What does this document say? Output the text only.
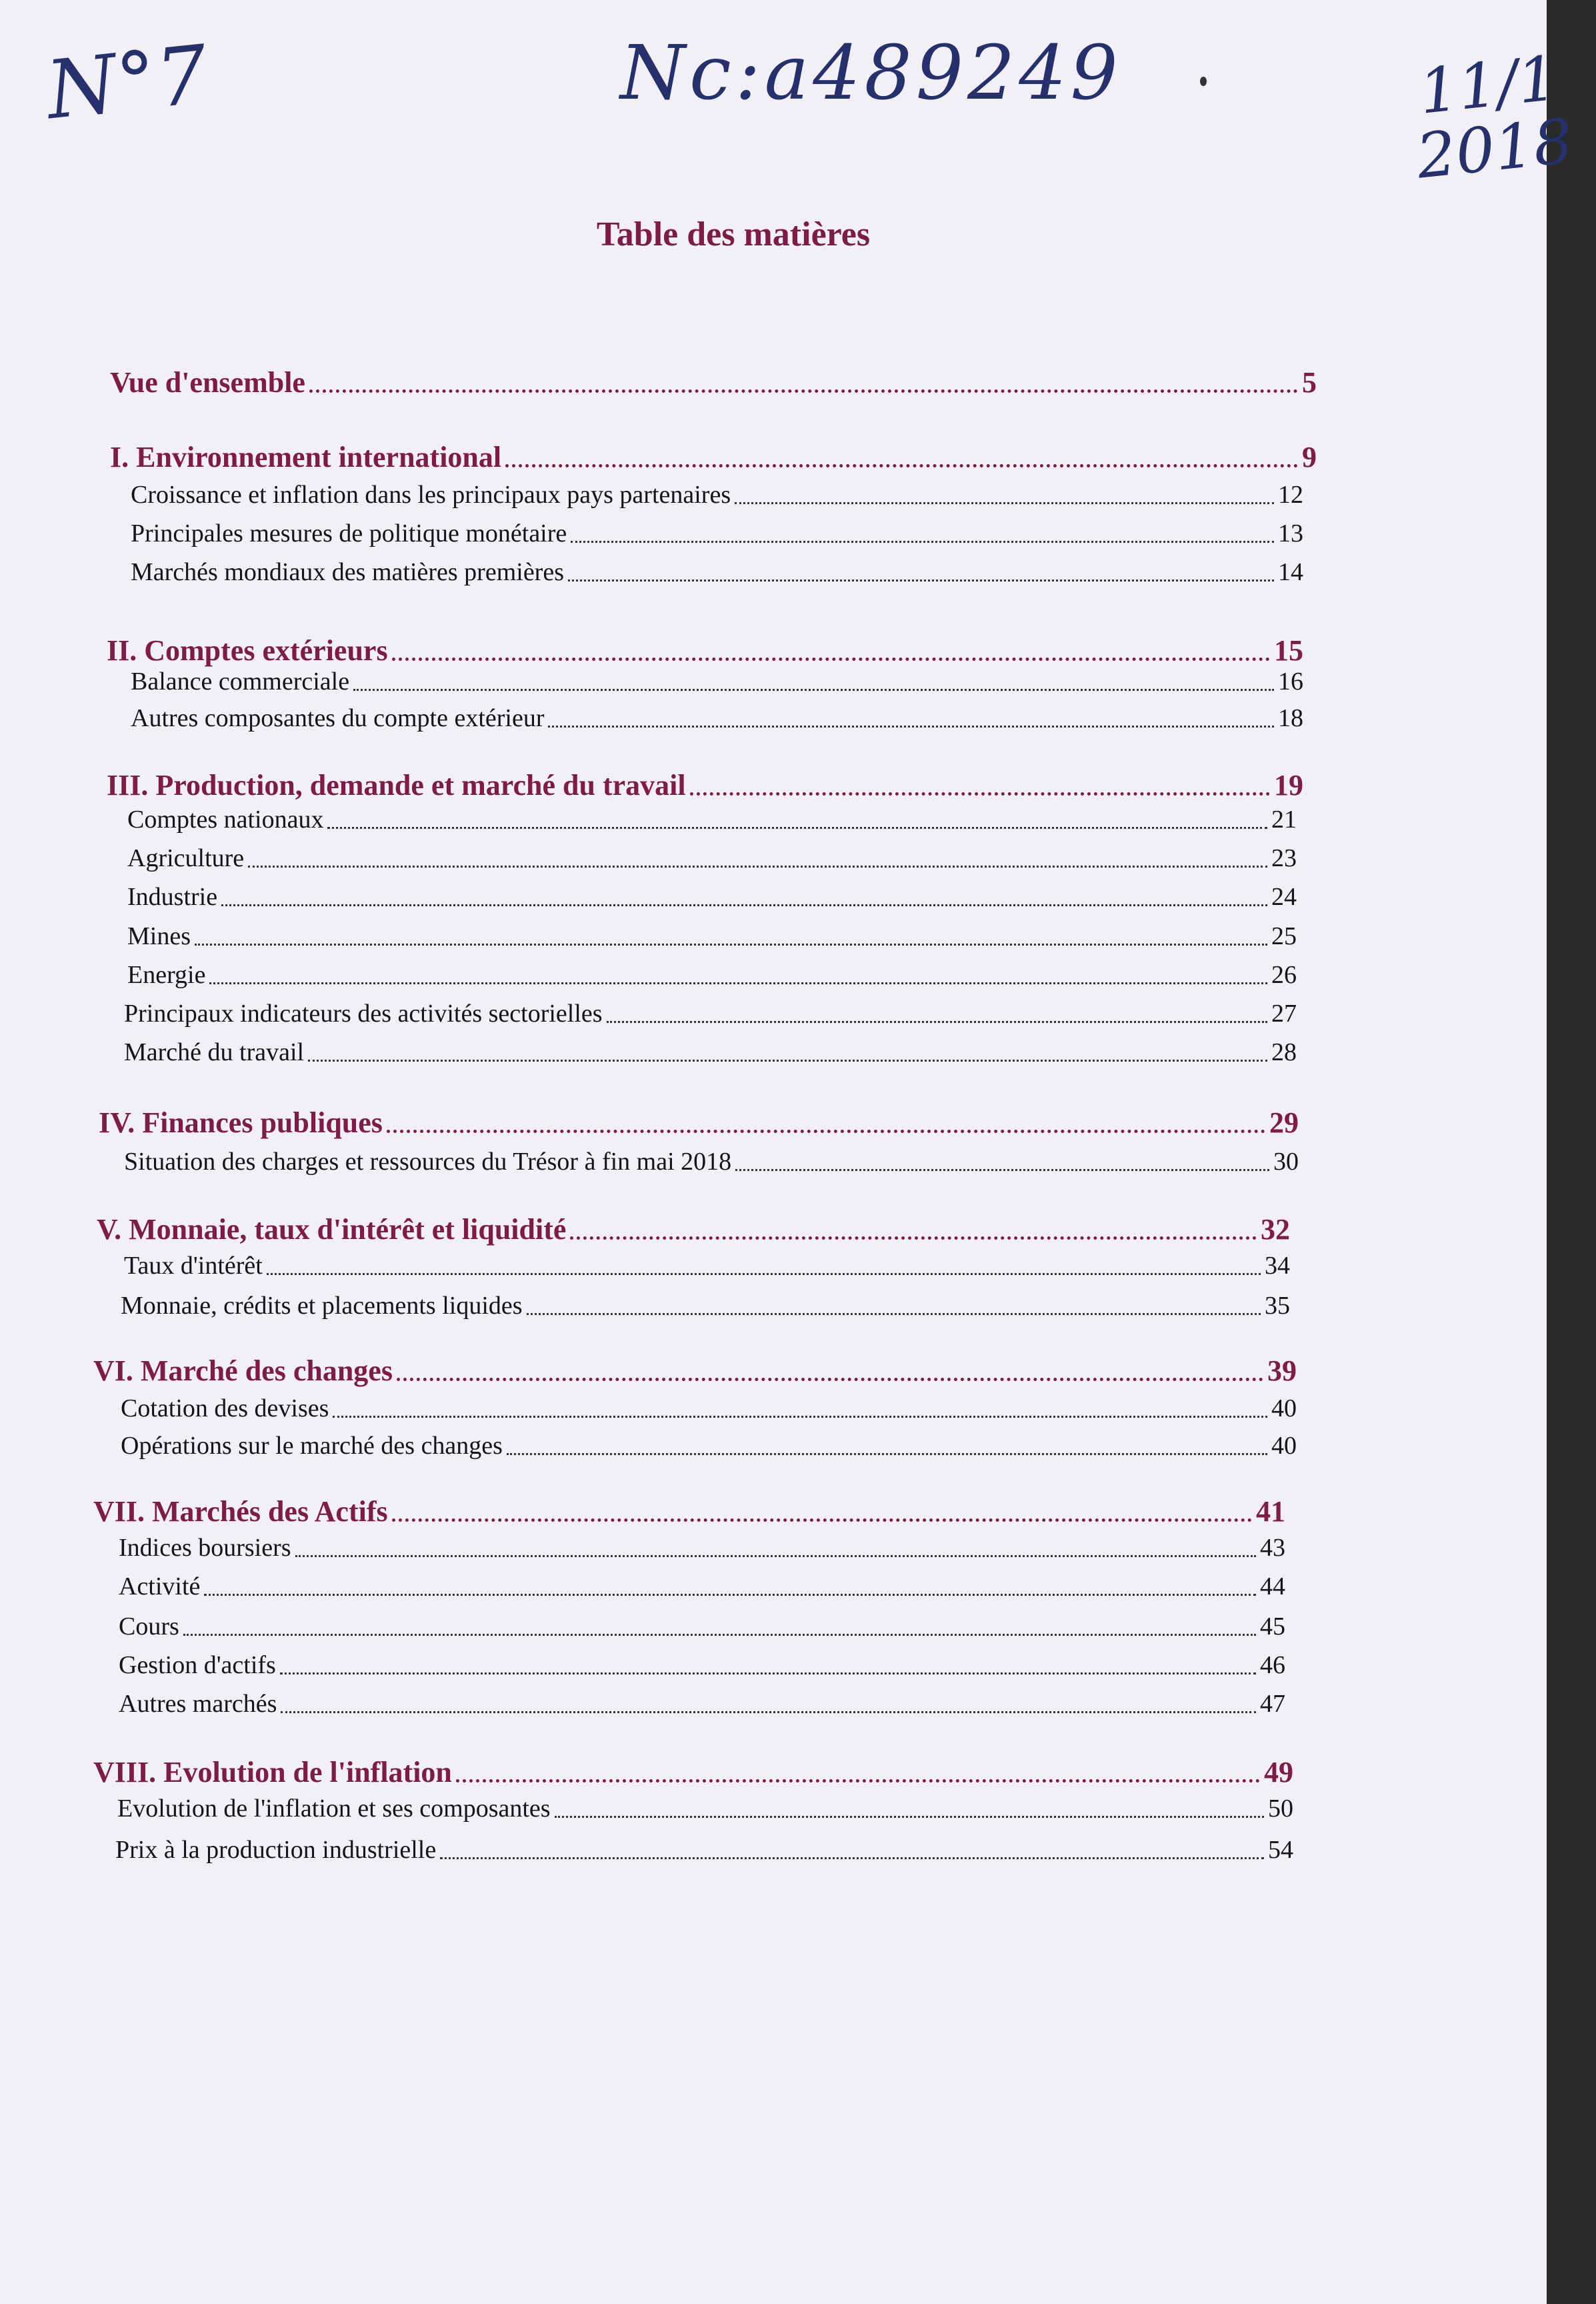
N°7	Nc:a489249	11/1
2018
Table des matières
Vue d'ensemble	5
I. Environnement international	9
Croissance et inflation dans les principaux pays partenaires	12
Principales mesures de politique monétaire	13
Marchés mondiaux des matières premières	14
II. Comptes extérieurs	15
Balance commerciale	16
Autres composantes du compte extérieur	18
III. Production, demande et marché du travail	19
Comptes nationaux	21
Agriculture	23
Industrie	24
Mines	25
Energie	26
Principaux indicateurs des activités sectorielles	27
Marché du travail	28
IV. Finances publiques	29
Situation des charges et ressources du Trésor à fin mai 2018	30
V. Monnaie, taux d'intérêt et liquidité	32
Taux d'intérêt	34
Monnaie, crédits et placements liquides	35
VI. Marché des changes	39
Cotation des devises	40
Opérations sur le marché des changes	40
VII. Marchés des Actifs	41
Indices boursiers	43
Activité	44
Cours	45
Gestion d'actifs	46
Autres marchés	47
VIII. Evolution de l'inflation	49
Evolution de l'inflation et ses composantes	50
Prix à la production industrielle	54
